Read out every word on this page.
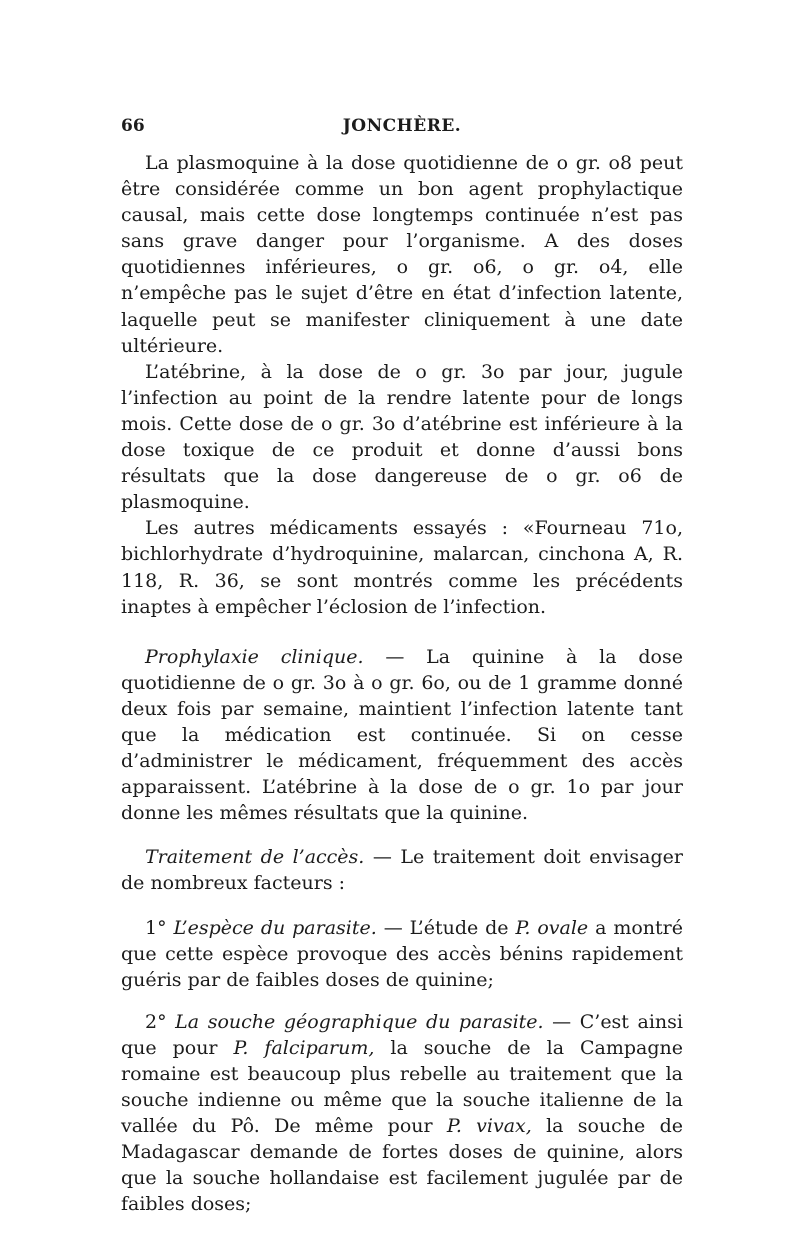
66	JONCHÈRE.

La plasmoquine à la dose quotidienne de o gr. o8 peut être considérée comme un bon agent prophylactique causal, mais cette dose longtemps continuée n’est pas sans grave danger pour l’organisme. A des doses quotidiennes inférieures, o gr. o6, o gr. o4, elle n’empêche pas le sujet d’être en état d’infection latente, laquelle peut se manifester cliniquement à une date ultérieure.

L’atébrine, à la dose de o gr. 3o par jour, jugule l’infection au point de la rendre latente pour de longs mois. Cette dose de o gr. 3o d’atébrine est inférieure à la dose toxique de ce produit et donne d’aussi bons résultats que la dose dangereuse de o gr. o6 de plasmoquine.

Les autres médicaments essayés : «Fourneau 71o, bichlorhydrate d’hydroquinine, malarcan, cinchona A, R. 118, R. 36, se sont montrés comme les précédents inaptes à empêcher l’éclosion de l’infection.

Prophylaxie clinique. — La quinine à la dose quotidienne de o gr. 3o à o gr. 6o, ou de 1 gramme donné deux fois par semaine, maintient l’infection latente tant que la médication est continuée. Si on cesse d’administrer le médicament, fréquemment des accès apparaissent. L’atébrine à la dose de o gr. 1o par jour donne les mêmes résultats que la quinine.

Traitement de l’accès. — Le traitement doit envisager de nombreux facteurs :

1° L’espèce du parasite. — L’étude de P. ovale a montré que cette espèce provoque des accès bénins rapidement guéris par de faibles doses de quinine;

2° La souche géographique du parasite. — C’est ainsi que pour P. falciparum, la souche de la Campagne romaine est beaucoup plus rebelle au traitement que la souche indienne ou même que la souche italienne de la vallée du Pô. De même pour P. vivax, la souche de Madagascar demande de fortes doses de quinine, alors que la souche hollandaise est facilement jugulée par de faibles doses;
